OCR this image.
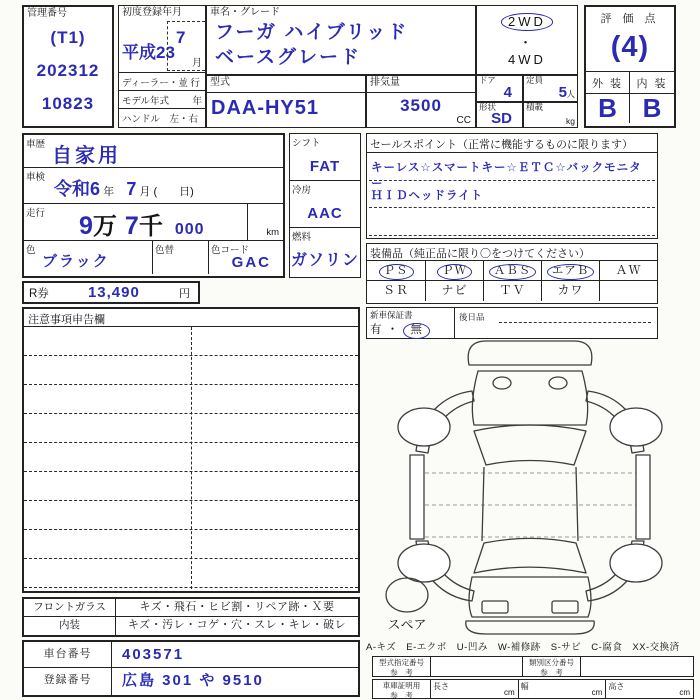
管理番号
(T1)
202312
10823
初度登録年月
平成23
7
月
ディーラー・並 行
モデル年式 年
ハンドル　左・右
車名・グレード
フーガ ハイブリッド
ベースグレード
2WD
・
4WD
型式
DAA-HY51
排気量
3500
CC
ドア
4
定員
5 人
形状
SD
積載
kg
評 価 点
(4)
外 装	内 装
B B
車歴
自家用
車検
令和6 年 7 月 (　　日)
走行 9 万 7 千 000	km
色
ブラック
色替	色コード
GAC
シフト
FAT
冷房
AAC
燃料
ガソリン
セールスポイント（正常に機能するものに限ります）
キーレス☆スマートキー☆ＥＴＣ☆バックモニター
ＨＩＤヘッドライト
装備品（純正品に限り〇をつけてください）
ＰＳ	ＰＷ	ＡＢＳ	エアＢ	ＡＷ
ＳＲ	ナビ	ＴＶ	カワ
新車保証書
有 ・ 無
後日品
R券	13,490	円
注意事項申告欄
フロントガラス	キズ・飛石・ヒビ割・リペア跡・Ｘ要
内装	キズ・汚レ・コゲ・穴・スレ・キレ・破レ
車台番号	403571
登録番号	広島 301 や 9510
スペア
A-キズ　E-エクボ　U-凹み　W-補修跡　S-サビ　C-腐食　XX-交換済
型式指定番号
参　考
類別区分番号
参　考
車庫証明用
参　考
長さ
cm
幅
cm
高さ
cm
